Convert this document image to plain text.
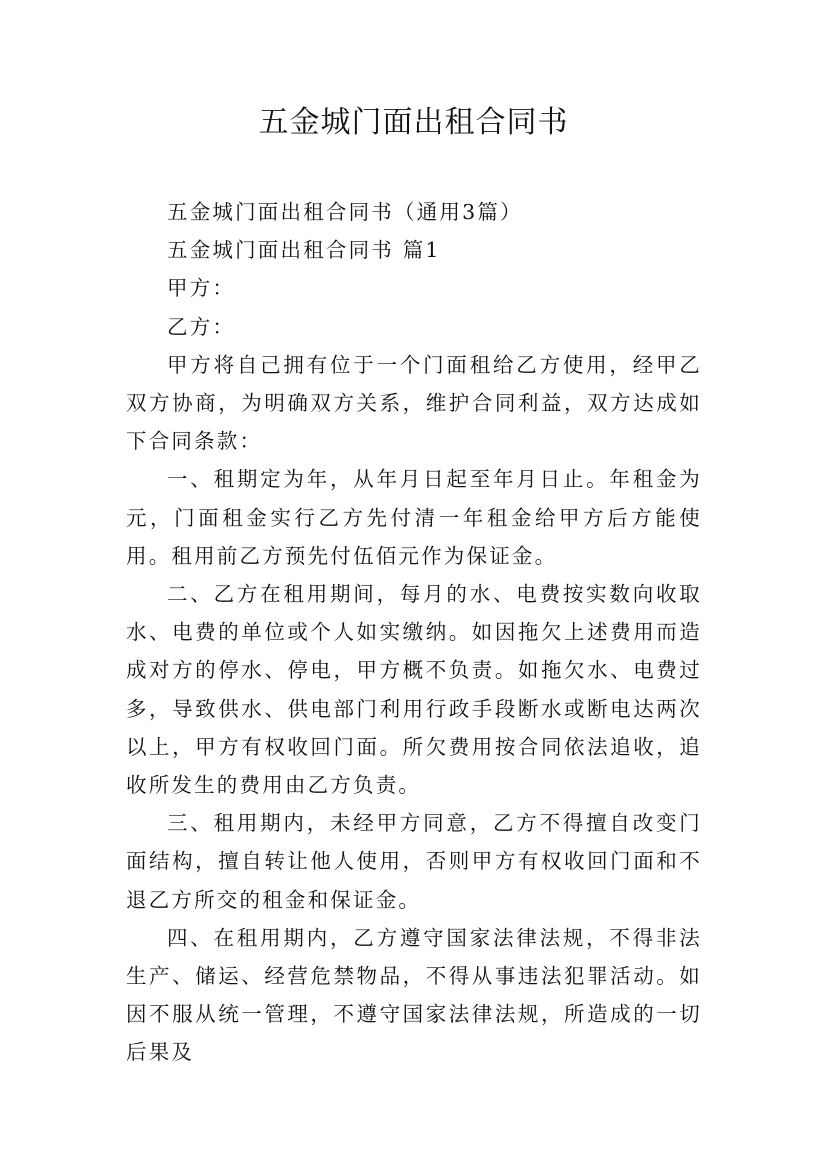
五金城门面出租合同书

五金城门面出租合同书（通用3篇）

五金城门面出租合同书 篇1

甲方：

乙方：

甲方将自己拥有位于一个门面租给乙方使用，经甲乙双方协商，为明确双方关系，维护合同利益，双方达成如下合同条款：

一、租期定为年，从年月日起至年月日止。年租金为元，门面租金实行乙方先付清一年租金给甲方后方能使用。租用前乙方预先付伍佰元作为保证金。

二、乙方在租用期间，每月的水、电费按实数向收取水、电费的单位或个人如实缴纳。如因拖欠上述费用而造成对方的停水、停电，甲方概不负责。如拖欠水、电费过多，导致供水、供电部门利用行政手段断水或断电达两次以上，甲方有权收回门面。所欠费用按合同依法追收，追收所发生的费用由乙方负责。

三、租用期内，未经甲方同意，乙方不得擅自改变门面结构，擅自转让他人使用，否则甲方有权收回门面和不退乙方所交的租金和保证金。

四、在租用期内，乙方遵守国家法律法规，不得非法生产、储运、经营危禁物品，不得从事违法犯罪活动。如因不服从统一管理，不遵守国家法律法规，所造成的一切后果及
